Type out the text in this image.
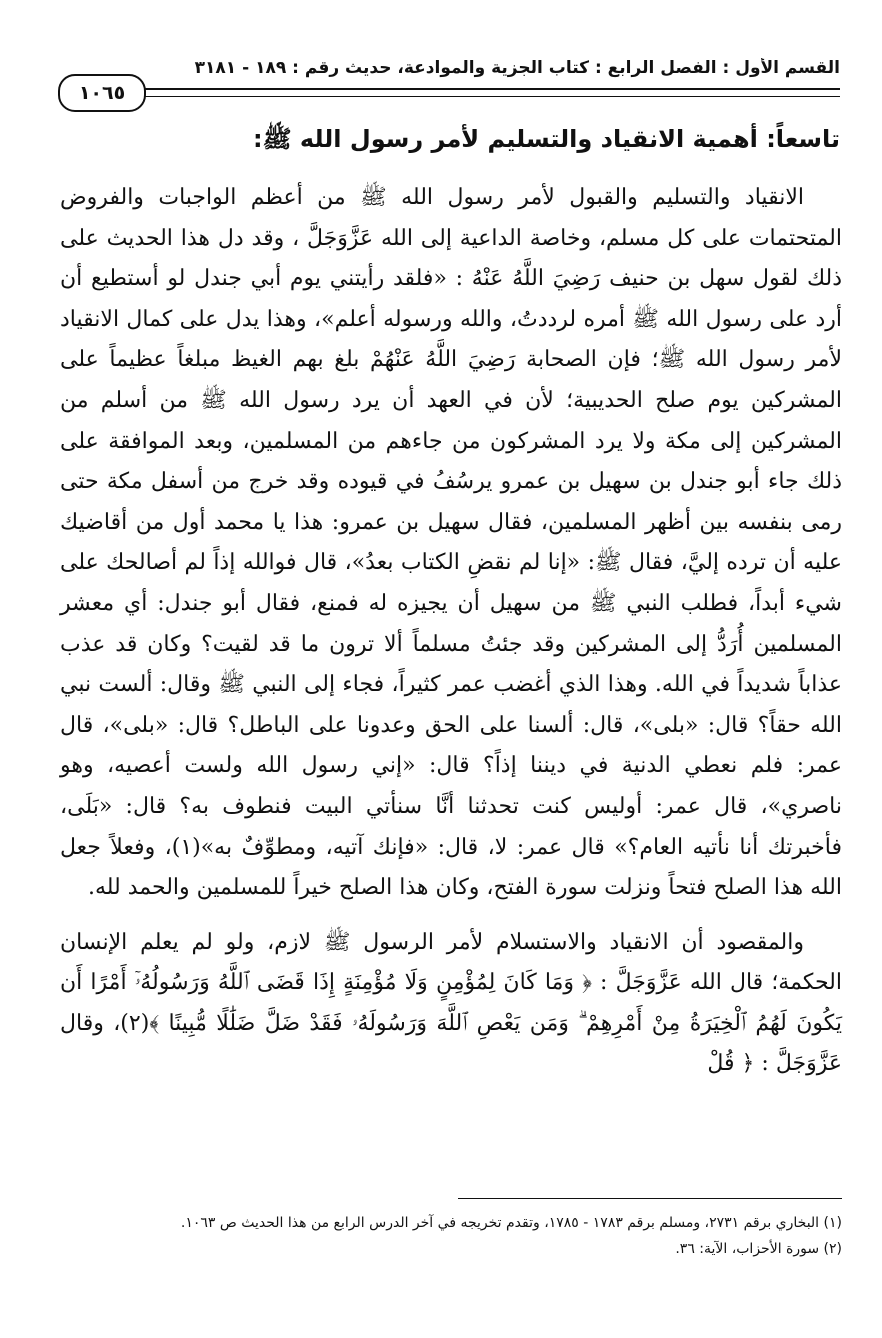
القسم الأول : الفصل الرابع : كتاب الجزية والموادعة، حديث رقم : ١٨٩ - ٣١٨١
١٠٦٥
تاسعاً: أهمية الانقياد والتسليم لأمر رسول الله ﷺ:

الانقياد والتسليم والقبول لأمر رسول الله ﷺ من أعظم الواجبات والفروض المتحتمات على كل مسلم، وخاصة الداعية إلى الله عَزَّوَجَلَّ ، وقد دل هذا الحديث على ذلك لقول سهل بن حنيف رَضِيَ اللَّهُ عَنْهُ : «فلقد رأيتني يوم أبي جندل لو أستطيع أن أرد على رسول الله ﷺ أمره لرددتُ، والله ورسوله أعلم»، وهذا يدل على كمال الانقياد لأمر رسول الله ﷺ؛ فإن الصحابة رَضِيَ اللَّهُ عَنْهُمْ بلغ بهم الغيظ مبلغاً عظيماً على المشركين يوم صلح الحديبية؛ لأن في العهد أن يرد رسول الله ﷺ من أسلم من المشركين إلى مكة ولا يرد المشركون من جاءهم من المسلمين، وبعد الموافقة على ذلك جاء أبو جندل بن سهيل بن عمرو يرسُفُ في قيوده وقد خرج من أسفل مكة حتى رمى بنفسه بين أظهر المسلمين، فقال سهيل بن عمرو: هذا يا محمد أول من أقاضيك عليه أن ترده إليَّ، فقال ﷺ: «إنا لم نقضِ الكتاب بعدُ»، قال فوالله إذاً لم أصالحك على شيء أبداً، فطلب النبي ﷺ من سهيل أن يجيزه له فمنع، فقال أبو جندل: أي معشر المسلمين أُرَدُّ إلى المشركين وقد جئتُ مسلماً ألا ترون ما قد لقيت؟ وكان قد عذب عذاباً شديداً في الله. وهذا الذي أغضب عمر كثيراً، فجاء إلى النبي ﷺ وقال: ألست نبي الله حقاً؟ قال: «بلى»، قال: ألسنا على الحق وعدونا على الباطل؟ قال: «بلى»، قال عمر: فلم نعطي الدنية في ديننا إذاً؟ قال: «إني رسول الله ولست أعصيه، وهو ناصري»، قال عمر: أوليس كنت تحدثنا أنَّا سنأتي البيت فنطوف به؟ قال: «بَلَى، فأخبرتك أنا نأتيه العام؟» قال عمر: لا، قال: «فإنك آتيه، ومطوِّفٌ به»(١)، وفعلاً جعل الله هذا الصلح فتحاً ونزلت سورة الفتح، وكان هذا الصلح خيراً للمسلمين والحمد لله.

والمقصود أن الانقياد والاستسلام لأمر الرسول ﷺ لازم، ولو لم يعلم الإنسان الحكمة؛ قال الله عَزَّوَجَلَّ : ﴿ وَمَا كَانَ لِمُؤْمِنٍ وَلَا مُؤْمِنَةٍ إِذَا قَضَى ٱللَّهُ وَرَسُولُهُۥٓ أَمْرًا أَن يَكُونَ لَهُمُ ٱلْخِيَرَةُ مِنْ أَمْرِهِمْ ۗ وَمَن يَعْصِ ٱللَّهَ وَرَسُولَهُۥ فَقَدْ ضَلَّ ضَلَٰلًا مُّبِينًا ﴾(٢)، وقال عَزَّوَجَلَّ : ﴿ قُلْ

(١) البخاري برقم ٢٧٣١، ومسلم برقم ١٧٨٣ - ١٧٨٥، وتقدم تخريجه في آخر الدرس الرابع من هذا الحديث ص ١٠٦٣.
(٢) سورة الأحزاب، الآية: ٣٦.
